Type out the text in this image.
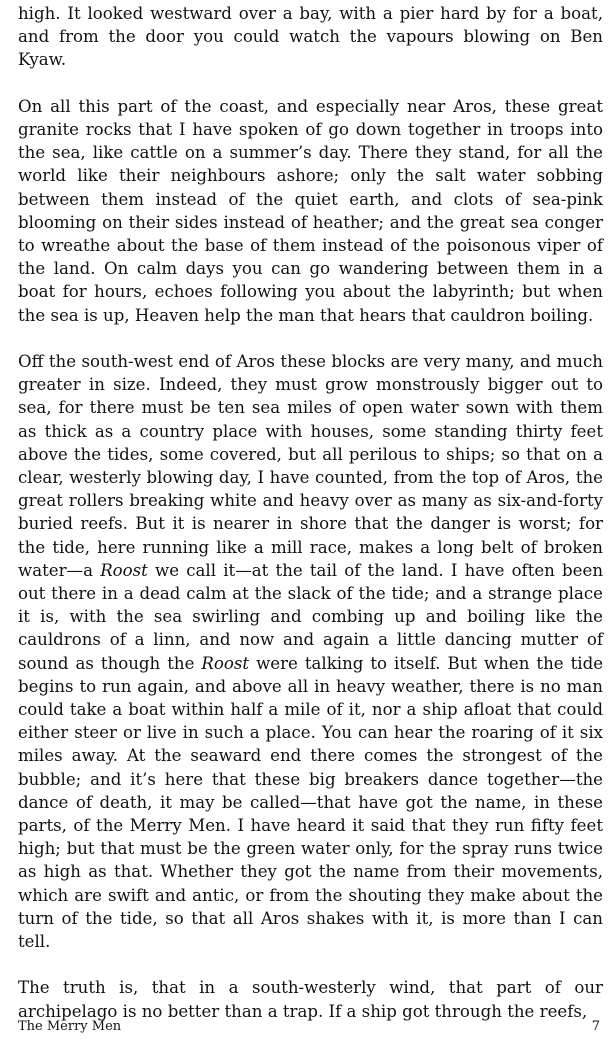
high. It looked westward over a bay, with a pier hard by for a boat, and from the door you could watch the vapours blowing on Ben Kyaw.

On all this part of the coast, and especially near Aros, these great granite rocks that I have spoken of go down together in troops into the sea, like cattle on a summer’s day. There they stand, for all the world like their neighbours ashore; only the salt water sobbing between them instead of the quiet earth, and clots of sea-pink blooming on their sides instead of heather; and the great sea conger to wreathe about the base of them instead of the poisonous viper of the land. On calm days you can go wandering between them in a boat for hours, echoes following you about the labyrinth; but when the sea is up, Heaven help the man that hears that cauldron boiling.

Off the south-west end of Aros these blocks are very many, and much greater in size. Indeed, they must grow monstrously bigger out to sea, for there must be ten sea miles of open water sown with them as thick as a country place with houses, some standing thirty feet above the tides, some covered, but all perilous to ships; so that on a clear, westerly blowing day, I have counted, from the top of Aros, the great rollers breaking white and heavy over as many as six-and-forty buried reefs. But it is nearer in shore that the danger is worst; for the tide, here running like a mill race, makes a long belt of broken water—a Roost we call it—at the tail of the land. I have often been out there in a dead calm at the slack of the tide; and a strange place it is, with the sea swirling and combing up and boiling like the cauldrons of a linn, and now and again a little dancing mutter of sound as though the Roost were talking to itself. But when the tide begins to run again, and above all in heavy weather, there is no man could take a boat within half a mile of it, nor a ship afloat that could either steer or live in such a place. You can hear the roaring of it six miles away. At the seaward end there comes the strongest of the bubble; and it’s here that these big breakers dance together—the dance of death, it may be called—that have got the name, in these parts, of the Merry Men. I have heard it said that they run fifty feet high; but that must be the green water only, for the spray runs twice as high as that. Whether they got the name from their movements, which are swift and antic, or from the shouting they make about the turn of the tide, so that all Aros shakes with it, is more than I can tell.

The truth is, that in a south-westerly wind, that part of our archipelago is no better than a trap. If a ship got through the reefs,

The Merry Men	7
